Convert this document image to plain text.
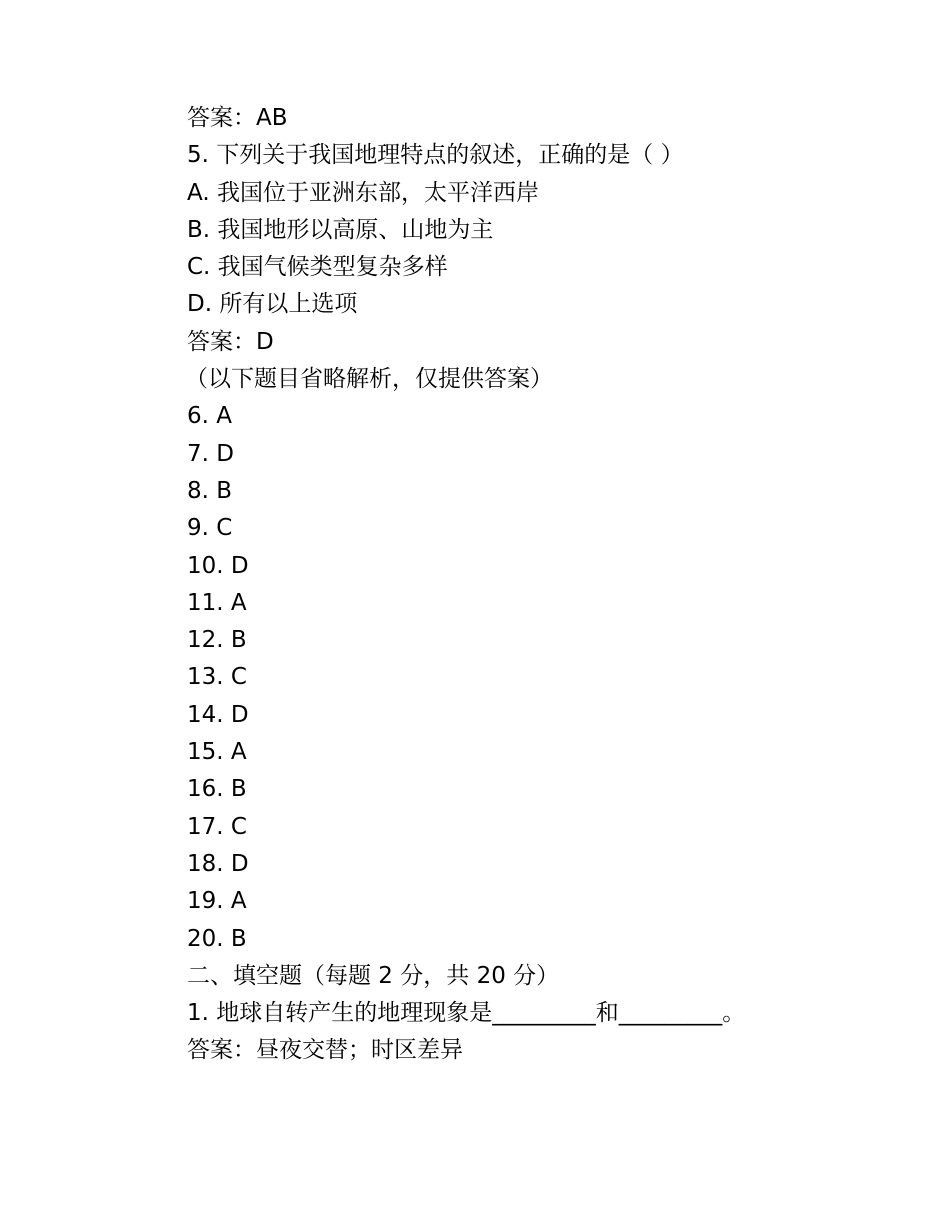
答案：AB
5. 下列关于我国地理特点的叙述，正确的是（ ）
A. 我国位于亚洲东部，太平洋西岸
B. 我国地形以高原、山地为主
C. 我国气候类型复杂多样
D. 所有以上选项
答案：D
（以下题目省略解析，仅提供答案）
6. A
7. D
8. B
9. C
10. D
11. A
12. B
13. C
14. D
15. A
16. B
17. C
18. D
19. A
20. B
二、填空题（每题 2 分，共 20 分）
1. 地球自转产生的地理现象是_________和_________。
答案：昼夜交替；时区差异
